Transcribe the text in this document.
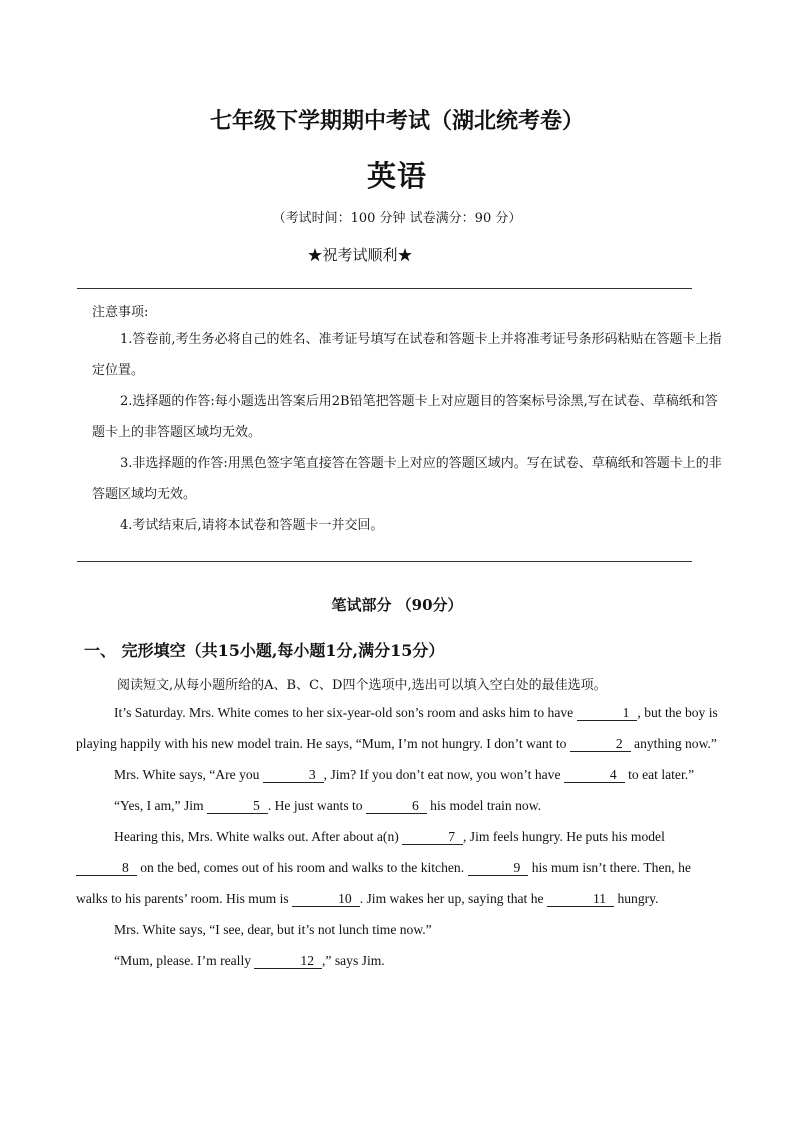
七年级下学期期中考试（湖北统考卷）
英语
（考试时间：100 分钟 试卷满分：90 分）
★祝考试顺利★
注意事项:

1.答卷前,考生务必将自己的姓名、准考证号填写在试卷和答题卡上并将准考证号条形码粘贴在答题卡上指定位置。

2.选择题的作答:每小题选出答案后用2B铅笔把答题卡上对应题目的答案标号涂黑,写在试卷、草稿纸和答题卡上的非答题区域均无效。

3.非选择题的作答:用黑色签字笔直接答在答题卡上对应的答题区域内。写在试卷、草稿纸和答题卡上的非答题区域均无效。

4.考试结束后,请将本试卷和答题卡一并交回。

笔试部分 （90分）
一、 完形填空（共15小题,每小题1分,满分15分）
阅读短文,从每小题所给的A、B、C、D四个选项中,选出可以填入空白处的最佳选项。

It’s Saturday. Mrs. White comes to her six-year-old son’s room and asks him to have	1 , but the boy is playing happily with his new model train. He says, “Mum, I’m not hungry. I don’t want to	2 anything now.”

Mrs. White says, “Are you	3 , Jim? If you don’t eat now, you won’t have	4 to eat later.”

“Yes, I am,” Jim	5 . He just wants to	6 his model train now.

Hearing this, Mrs. White walks out. After about a(n)	7 , Jim feels hungry. He puts his model 8 on the bed, comes out of his room and walks to the kitchen.	9 his mum isn’t there. Then, he walks to his parents’ room. His mum is	10 . Jim wakes her up, saying that he	11 hungry.

Mrs. White says, “I see, dear, but it’s not lunch time now.”

“Mum, please. I’m really	12 ,” says Jim.
